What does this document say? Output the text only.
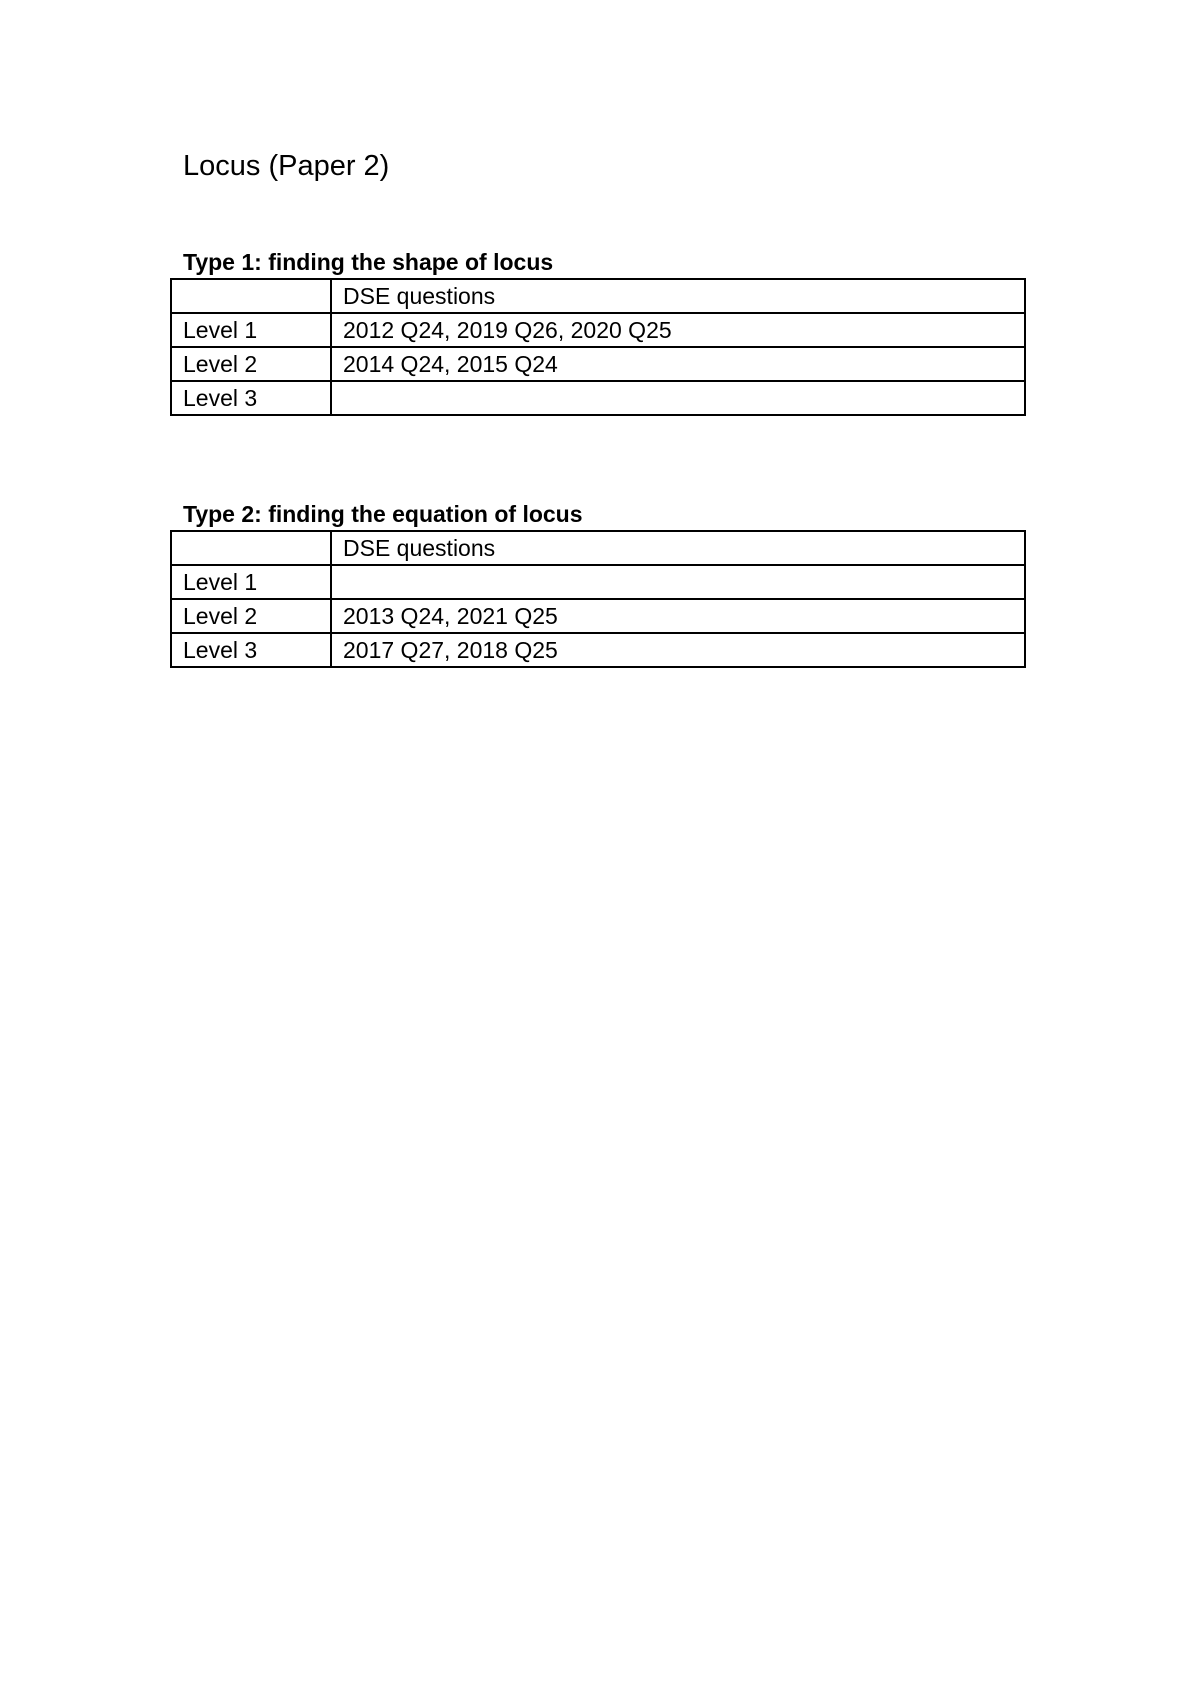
Locus (Paper 2)
Type 1: finding the shape of locus
	DSE questions
Level 1	2012 Q24, 2019 Q26, 2020 Q25
Level 2	2014 Q24, 2015 Q24
Level 3	
Type 2: finding the equation of locus
	DSE questions
Level 1	
Level 2	2013 Q24, 2021 Q25
Level 3	2017 Q27, 2018 Q25
